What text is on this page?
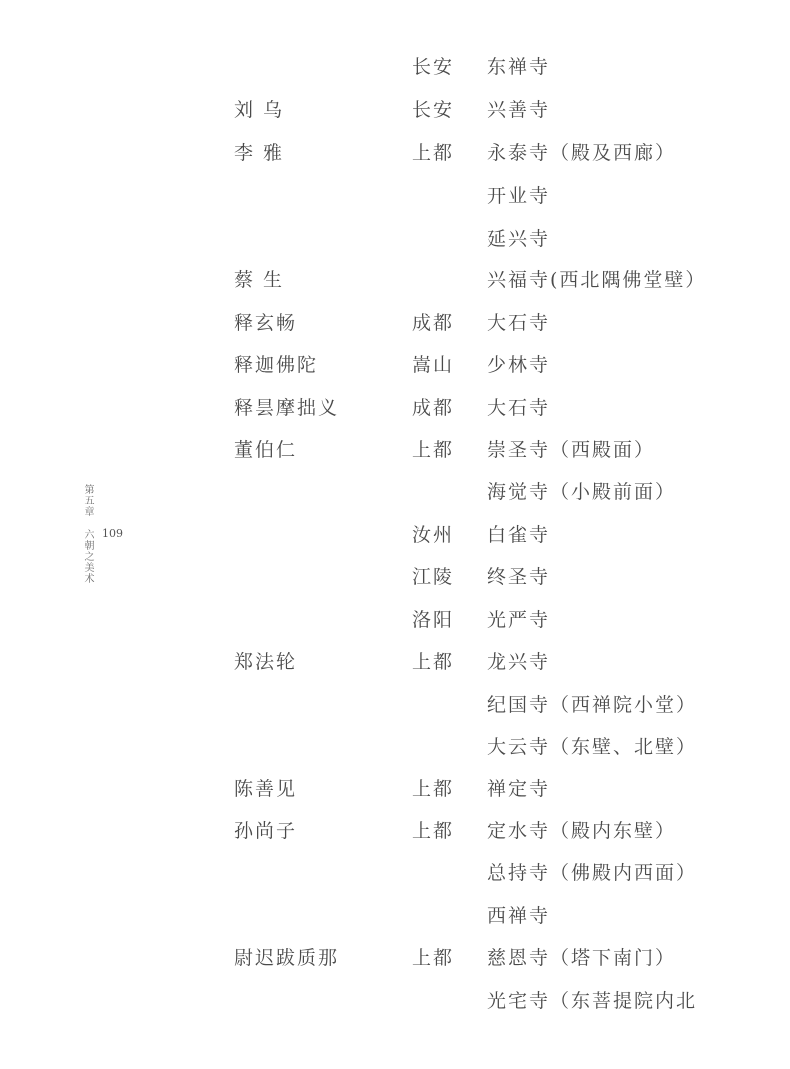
第五章六朝之美术 109
长安 东禅寺
刘 乌	长安 兴善寺
李 雅	上都 永泰寺（殿及西廊）
开业寺
延兴寺
蔡 生	兴福寺(西北隅佛堂壁）
释玄畅	成都 大石寺
释迦佛陀	嵩山 少林寺
释昙摩拙义	成都 大石寺
董伯仁	上都 崇圣寺（西殿面）
海觉寺（小殿前面）
汝州 白雀寺
江陵 终圣寺
洛阳 光严寺
郑法轮	上都 龙兴寺
纪国寺（西禅院小堂）
大云寺（东壁、北壁）
陈善见	上都 禅定寺
孙尚子	上都 定水寺（殿内东壁）
总持寺（佛殿内西面）
西禅寺
尉迟跋质那	上都 慈恩寺（塔下南门）
光宅寺（东菩提院内北
